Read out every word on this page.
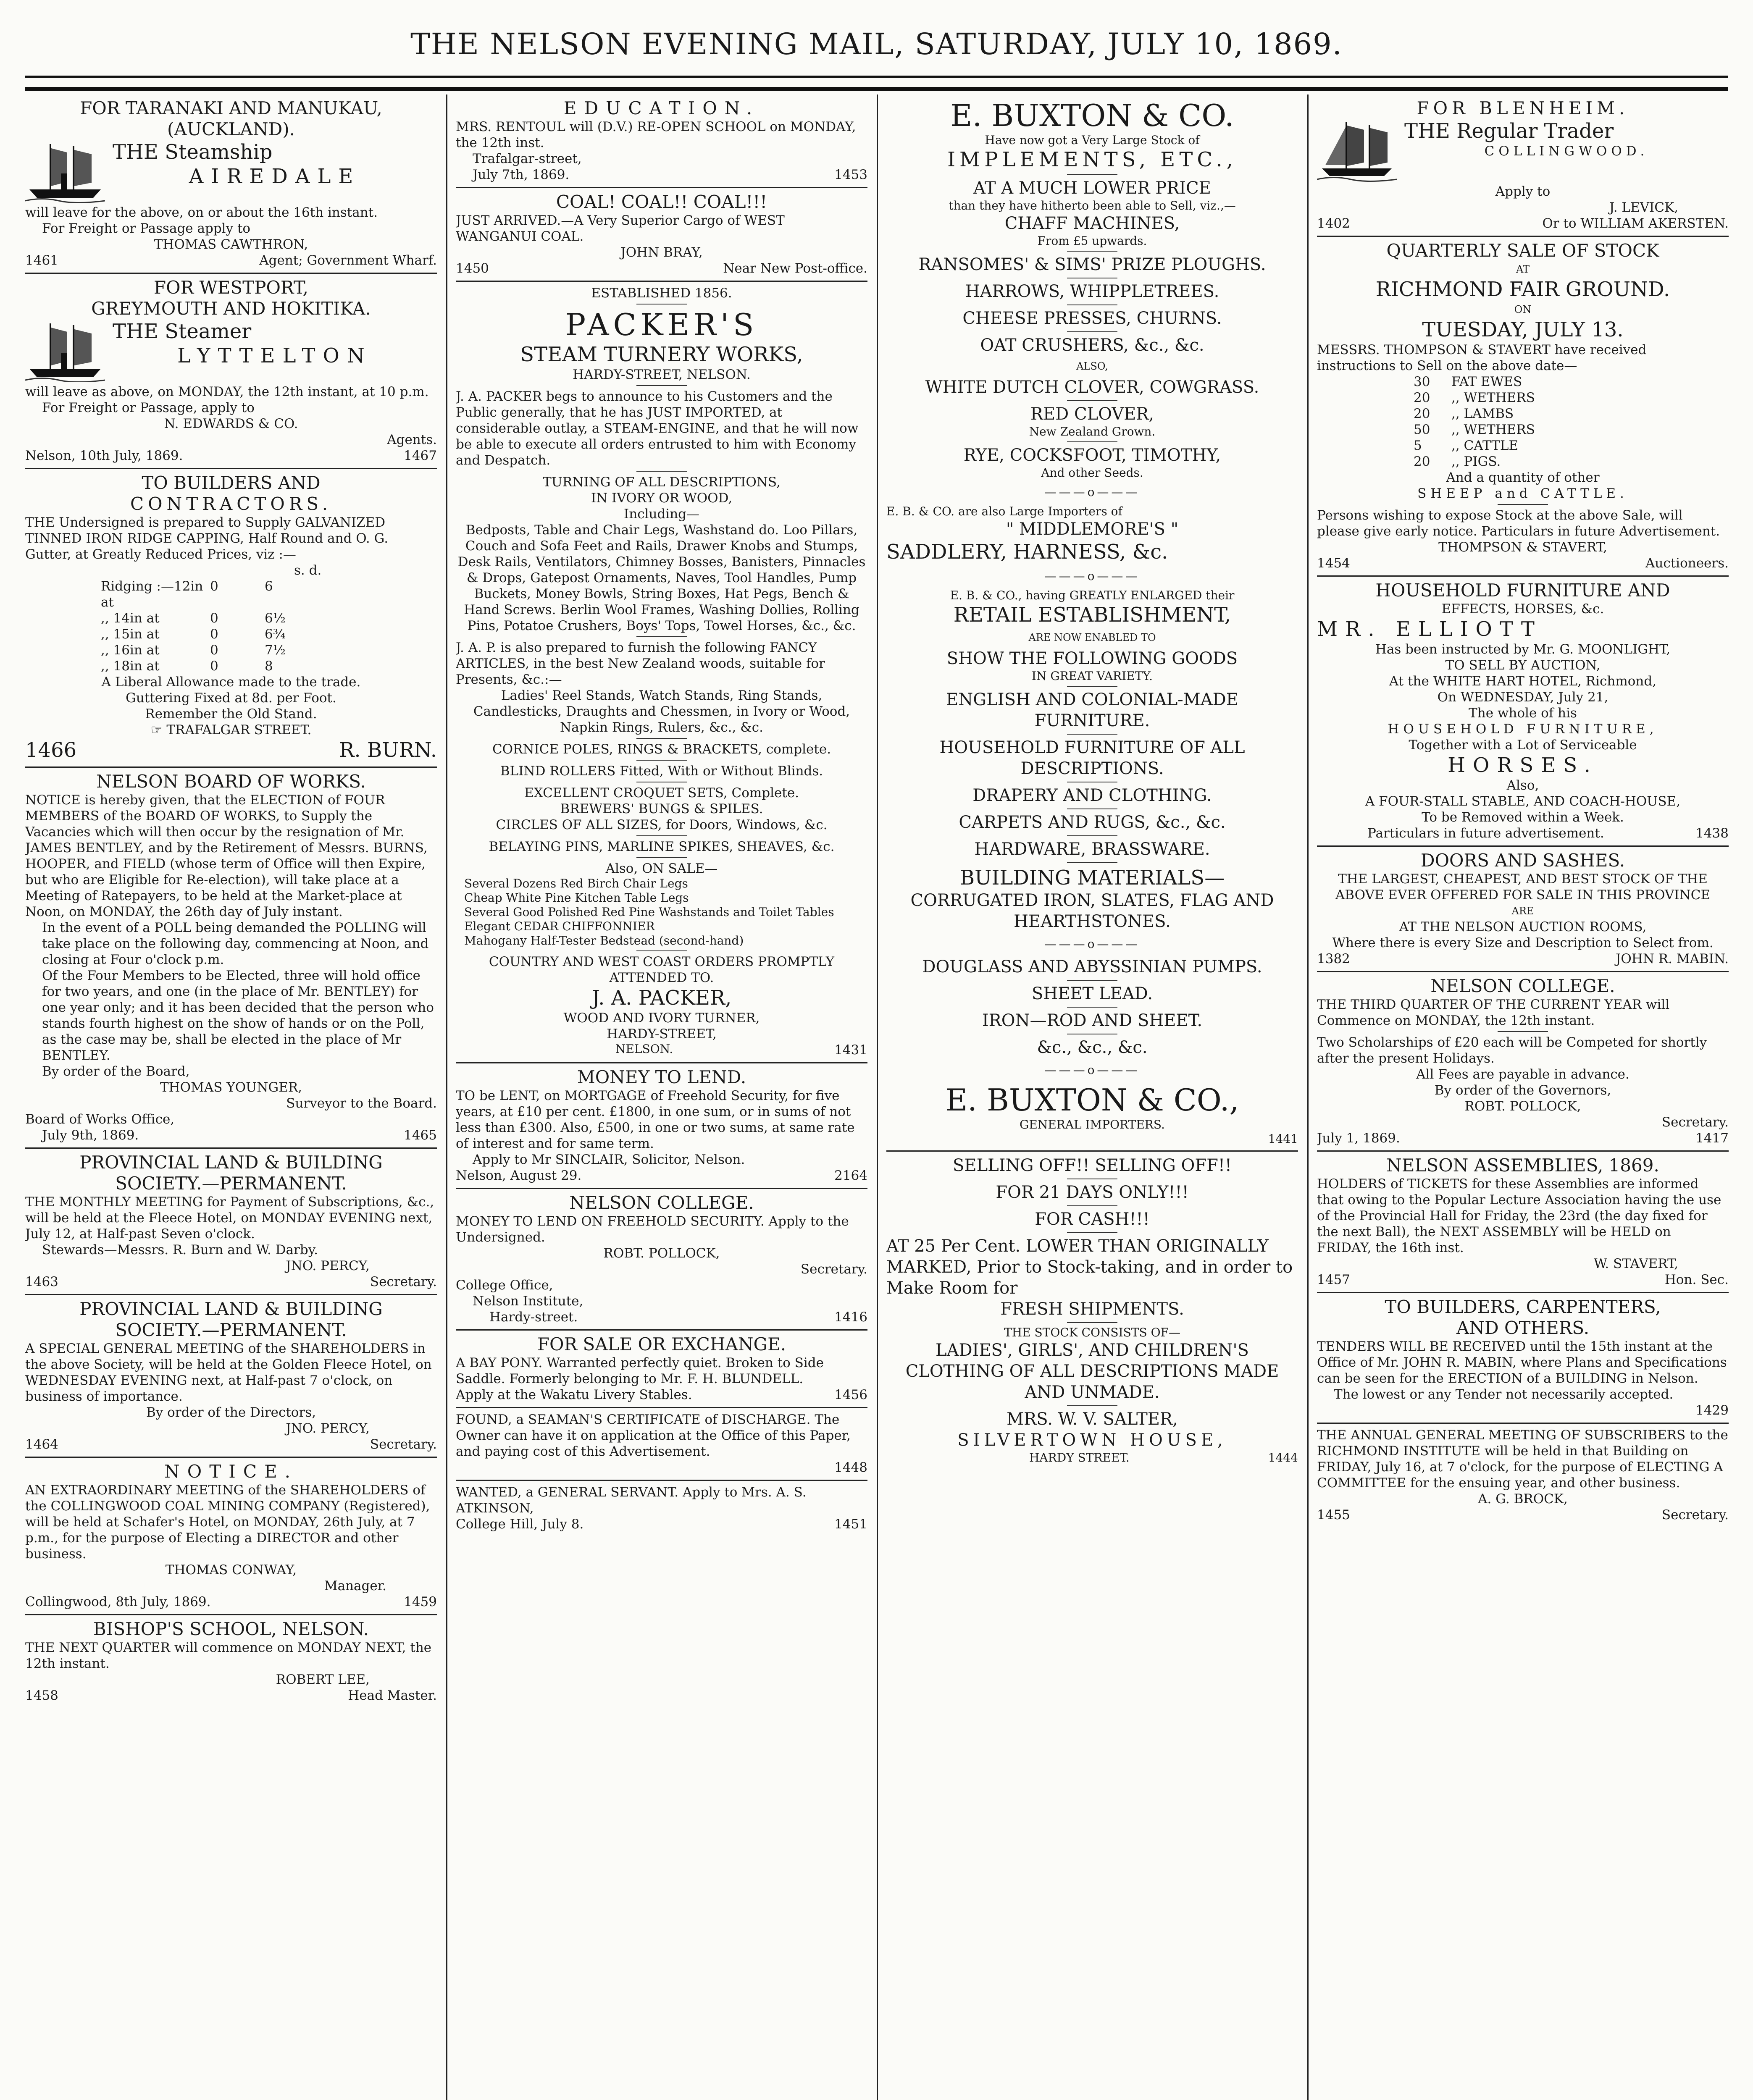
THE NELSON EVENING MAIL, SATURDAY, JULY 10, 1869.
FOR TARANAKI AND MANUKAU,
(AUCKLAND).

THE Steamship

AIREDALE

will leave for the above, on or about the 16th instant.

For Freight or Passage apply to

THOMAS CAWTHRON,

1461	Agent; Government Wharf.
FOR WESTPORT,
GREYMOUTH AND HOKITIKA.

THE Steamer

LYTTELTON

will leave as above, on MONDAY, the 12th instant, at 10 p.m.

For Freight or Passage, apply to

N. EDWARDS & CO.

Agents.

Nelson, 10th July, 1869.	1467
TO BUILDERS AND
CONTRACTORS.

THE Undersigned is prepared to Supply GALVANIZED TINNED IRON RIDGE CAPPING, Half Round and O. G. Gutter, at Greatly Reduced Prices, viz :—

s. d.

Ridging :—12in at
0	6
,, 14in at	0	6½
,, 15in at	0	6¾
,, 16in at	0	7½
,, 18in at	0	8

A Liberal Allowance made to the trade.

Guttering Fixed at 8d. per Foot.

Remember the Old Stand.

☞ TRAFALGAR STREET.

1466	R. BURN.
NELSON BOARD OF WORKS.

NOTICE is hereby given, that the ELECTION of FOUR MEMBERS of the BOARD OF WORKS, to Supply the Vacancies which will then occur by the resignation of Mr. JAMES BENTLEY, and by the Retirement of Messrs. BURNS, HOOPER, and FIELD (whose term of Office will then Expire, but who are Eligible for Re-election), will take place at a Meeting of Ratepayers, to be held at the Market-place at Noon, on MONDAY, the 26th day of July instant.

In the event of a POLL being demanded the POLLING will take place on the following day, commencing at Noon, and closing at Four o'clock p.m.

Of the Four Members to be Elected, three will hold office for two years, and one (in the place of Mr. BENTLEY) for one year only; and it has been decided that the person who stands fourth highest on the show of hands or on the Poll, as the case may be, shall be elected in the place of Mr BENTLEY.

By order of the Board,

THOMAS YOUNGER,

Surveyor to the Board.

Board of Works Office,

July 9th, 1869.	1465
PROVINCIAL LAND & BUILDING
SOCIETY.—PERMANENT.

THE MONTHLY MEETING for Payment of Subscriptions, &c., will be held at the Fleece Hotel, on MONDAY EVENING next, July 12, at Half-past Seven o'clock.

Stewards—Messrs. R. Burn and W. Darby.

JNO. PERCY,

1463	Secretary.
PROVINCIAL LAND & BUILDING
SOCIETY.—PERMANENT.

A SPECIAL GENERAL MEETING of the SHAREHOLDERS in the above Society, will be held at the Golden Fleece Hotel, on WEDNESDAY EVENING next, at Half-past 7 o'clock, on business of importance.

By order of the Directors,

JNO. PERCY,

1464	Secretary.
NOTICE.

AN EXTRAORDINARY MEETING of the SHAREHOLDERS of the COLLINGWOOD COAL MINING COMPANY (Registered), will be held at Schafer's Hotel, on MONDAY, 26th July, at 7 p.m., for the purpose of Electing a DIRECTOR and other business.

THOMAS CONWAY,

Manager.

Collingwood, 8th July, 1869.	1459
BISHOP'S SCHOOL, NELSON.

THE NEXT QUARTER will commence on MONDAY NEXT, the 12th instant.

ROBERT LEE,

1458	Head Master.
EDUCATION.

MRS. RENTOUL will (D.V.) RE-OPEN SCHOOL on MONDAY, the 12th inst.

Trafalgar-street,

July 7th, 1869.	1453
COAL! COAL!! COAL!!!

JUST ARRIVED.—A Very Superior Cargo of WEST WANGANUI COAL.

JOHN BRAY,

1450	Near New Post-office.

ESTABLISHED 1856.

PACKER'S

STEAM TURNERY WORKS,

HARDY-STREET, NELSON.

J. A. PACKER begs to announce to his Customers and the Public generally, that he has JUST IMPORTED, at considerable outlay, a STEAM-ENGINE, and that he will now be able to execute all orders entrusted to him with Economy and Despatch.

TURNING OF ALL DESCRIPTIONS,

IN IVORY OR WOOD,

Including—

Bedposts, Table and Chair Legs, Washstand do. Loo Pillars, Couch and Sofa Feet and Rails, Drawer Knobs and Stumps, Desk Rails, Ventilators, Chimney Bosses, Banisters, Pinnacles & Drops, Gatepost Ornaments, Naves, Tool Handles, Pump Buckets, Money Bowls, String Boxes, Hat Pegs, Bench & Hand Screws. Berlin Wool Frames, Washing Dollies, Rolling Pins, Potatoe Crushers, Boys' Tops, Towel Horses, &c., &c.

J. A. P. is also prepared to furnish the following FANCY ARTICLES, in the best New Zealand woods, suitable for Presents, &c.:—

Ladies' Reel Stands, Watch Stands, Ring Stands, Candlesticks, Draughts and Chessmen, in Ivory or Wood, Napkin Rings, Rulers, &c., &c.

CORNICE POLES, RINGS & BRACKETS, complete.

BLIND ROLLERS Fitted, With or Without Blinds.

EXCELLENT CROQUET SETS, Complete.

BREWERS' BUNGS & SPILES.

CIRCLES OF ALL SIZES, for Doors, Windows, &c.

BELAYING PINS, MARLINE SPIKES, SHEAVES, &c.

Also, ON SALE—

Several Dozens Red Birch Chair Legs
Cheap White Pine Kitchen Table Legs
Several Good Polished Red Pine Washstands and Toilet Tables
Elegant CEDAR CHIFFONNIER
Mahogany Half-Tester Bedstead (second-hand)

COUNTRY AND WEST COAST ORDERS PROMPTLY ATTENDED TO.

J. A. PACKER,

WOOD AND IVORY TURNER,

HARDY-STREET,

NELSON.	1431
MONEY TO LEND.

TO be LENT, on MORTGAGE of Freehold Security, for five years, at £10 per cent. £1800, in one sum, or in sums of not less than £300. Also, £500, in one or two sums, at same rate of interest and for same term.

Apply to Mr SINCLAIR, Solicitor, Nelson.

Nelson, August 29.	2164
NELSON COLLEGE.

MONEY TO LEND ON FREEHOLD SECURITY. Apply to the Undersigned.

ROBT. POLLOCK,

Secretary.

College Office,

Nelson Institute,

Hardy-street.	1416
FOR SALE OR EXCHANGE.

A BAY PONY. Warranted perfectly quiet. Broken to Side Saddle. Formerly belonging to Mr. F. H. BLUNDELL.

Apply at the Wakatu Livery Stables.	1456

FOUND, a SEAMAN'S CERTIFICATE of DISCHARGE. The Owner can have it on application at the Office of this Paper, and paying cost of this Advertisement.

1448

WANTED, a GENERAL SERVANT. Apply to Mrs. A. S. ATKINSON,

College Hill, July 8.	1451

E. BUXTON & CO.

Have now got a Very Large Stock of

IMPLEMENTS, ETC.,

AT A MUCH LOWER PRICE

than they have hitherto been able to Sell, viz.,—

CHAFF MACHINES,

From £5 upwards.

RANSOMES' & SIMS' PRIZE PLOUGHS.

HARROWS, WHIPPLETREES.

CHEESE PRESSES, CHURNS.

OAT CRUSHERS, &c., &c.

ALSO,

WHITE DUTCH CLOVER, COWGRASS.

RED CLOVER,

New Zealand Grown.

RYE, COCKSFOOT, TIMOTHY,

And other Seeds.

———o———

E. B. & CO. are also Large Importers of

" MIDDLEMORE'S "

SADDLERY, HARNESS, &c.

———o———

E. B. & CO., having GREATLY ENLARGED their

RETAIL ESTABLISHMENT,

ARE NOW ENABLED TO

SHOW THE FOLLOWING GOODS

IN GREAT VARIETY.

ENGLISH AND COLONIAL-MADE FURNITURE.

HOUSEHOLD FURNITURE OF ALL DESCRIPTIONS.

DRAPERY AND CLOTHING.

CARPETS AND RUGS, &c., &c.

HARDWARE, BRASSWARE.

BUILDING MATERIALS—

CORRUGATED IRON, SLATES, FLAG AND HEARTHSTONES.

———o———

DOUGLASS AND ABYSSINIAN PUMPS.

SHEET LEAD.

IRON—ROD AND SHEET.

&c., &c., &c.

———o———

E. BUXTON & CO.,

GENERAL IMPORTERS.

1441

SELLING OFF!! SELLING OFF!!

FOR 21 DAYS ONLY!!!

FOR CASH!!!

AT 25 Per Cent. LOWER THAN ORIGINALLY MARKED, Prior to Stock-taking, and in order to Make Room for

FRESH SHIPMENTS.

THE STOCK CONSISTS OF—

LADIES', GIRLS', AND CHILDREN'S CLOTHING OF ALL DESCRIPTIONS MADE AND UNMADE.

MRS. W. V. SALTER,

SILVERTOWN HOUSE,

HARDY STREET.	1444
FOR BLENHEIM.

THE Regular Trader

COLLINGWOOD.

Apply to

J. LEVICK,

1402	Or to WILLIAM AKERSTEN.
QUARTERLY SALE OF STOCK

AT

RICHMOND FAIR GROUND.

ON

TUESDAY, JULY 13.

MESSRS. THOMPSON & STAVERT have received instructions to Sell on the above date—

30	FAT EWES
20	,, WETHERS
20	,, LAMBS
50	,, WETHERS
5	,, CATTLE
20	,, PIGS.

And a quantity of other

SHEEP and CATTLE.

Persons wishing to expose Stock at the above Sale, will please give early notice. Particulars in future Advertisement.

THOMPSON & STAVERT,

1454	Auctioneers.
HOUSEHOLD FURNITURE AND
EFFECTS, HORSES, &c.

MR. ELLIOTT

Has been instructed by Mr. G. MOONLIGHT,

TO SELL BY AUCTION,

At the WHITE HART HOTEL, Richmond,

On WEDNESDAY, July 21,

The whole of his

HOUSEHOLD FURNITURE,

Together with a Lot of Serviceable

HORSES.

Also,

A FOUR-STALL STABLE, AND COACH-HOUSE,

To be Removed within a Week.

Particulars in future advertisement.	1438
DOORS AND SASHES.

THE LARGEST, CHEAPEST, AND BEST STOCK OF THE ABOVE EVER OFFERED FOR SALE IN THIS PROVINCE

ARE

AT THE NELSON AUCTION ROOMS,

Where there is every Size and Description to Select from.

1382	JOHN R. MABIN.
NELSON COLLEGE.

THE THIRD QUARTER OF THE CURRENT YEAR will Commence on MONDAY, the 12th instant.

Two Scholarships of £20 each will be Competed for shortly after the present Holidays.

All Fees are payable in advance.

By order of the Governors,

ROBT. POLLOCK,

Secretary.

July 1, 1869.	1417
NELSON ASSEMBLIES, 1869.

HOLDERS of TICKETS for these Assemblies are informed that owing to the Popular Lecture Association having the use of the Provincial Hall for Friday, the 23rd (the day fixed for the next Ball), the NEXT ASSEMBLY will be HELD on FRIDAY, the 16th inst.

W. STAVERT,

1457	Hon. Sec.
TO BUILDERS, CARPENTERS,
AND OTHERS.

TENDERS WILL BE RECEIVED until the 15th instant at the Office of Mr. JOHN R. MABIN, where Plans and Specifications can be seen for the ERECTION of a BUILDING in Nelson.

The lowest or any Tender not necessarily accepted.

1429

THE ANNUAL GENERAL MEETING OF SUBSCRIBERS to the RICHMOND INSTITUTE will be held in that Building on FRIDAY, July 16, at 7 o'clock, for the purpose of ELECTING A COMMITTEE for the ensuing year, and other business.

A. G. BROCK,

1455	Secretary.
